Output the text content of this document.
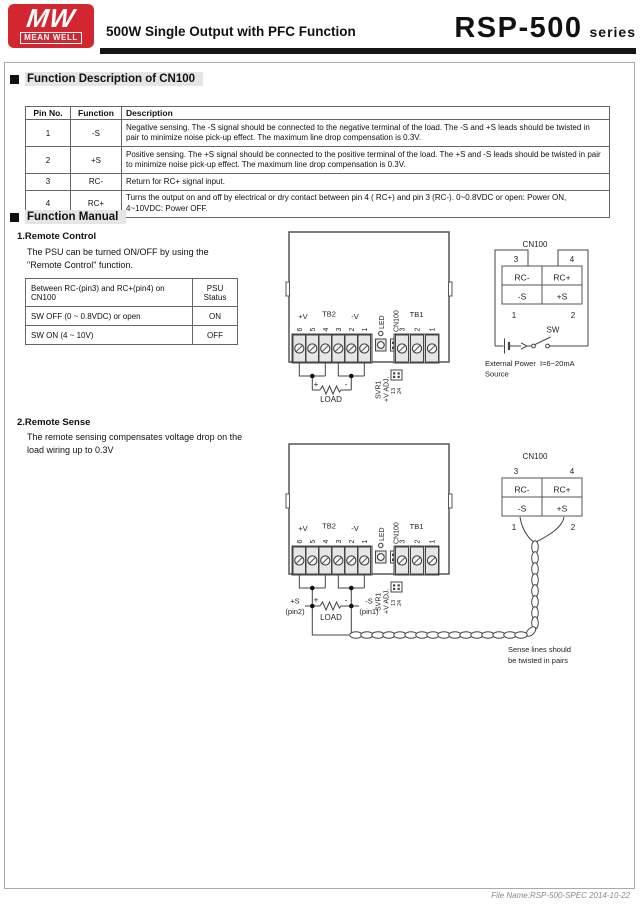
MW
MEAN WELL 500W Single Output with PFC Function	RSP-500 series
Function Description of CN100
Pin No.	Function	Description
1	-S	Negative sensing. The -S signal should be connected to the negative terminal of the load. The -S and +S leads should be twisted in pair to minimize noise pick-up effect. The maximum line drop compensation is 0.3V.
2	+S	Positive sensing. The +S signal should be connected to the positive terminal of the load. The +S and -S leads should be twisted in pair to minimize noise pick-up effect. The maximum line drop compensation is 0.3V.
3	RC-	Return for RC+ signal input.
4	RC+	Turns the output on and off by electrical or dry contact between pin 4 ( RC+) and pin 3 (RC-). 0~0.8VDC or open: Power ON, 4~10VDC: Power OFF.
Function Manual
1.Remote Control
The PSU can be turned ON/OFF by using the
"Remote Control" function.
Between RC-(pin3) and RC+(pin4) on CN100	PSU Status
SW OFF (0 ~ 0.8VDC) or open	ON
SW ON (4 ~ 10V)	OFF
+	-
LOAD
SW
External Power
Source
I=6~20mA
2.Remote Sense
The remote sensing compensates voltage drop on the
load wiring up to 0.3V
+	-
LOAD
+S
(pin2)
-S
(pin1)
Sense lines should
be twisted in pairs
File Name:RSP-500-SPEC 2014-10-22
